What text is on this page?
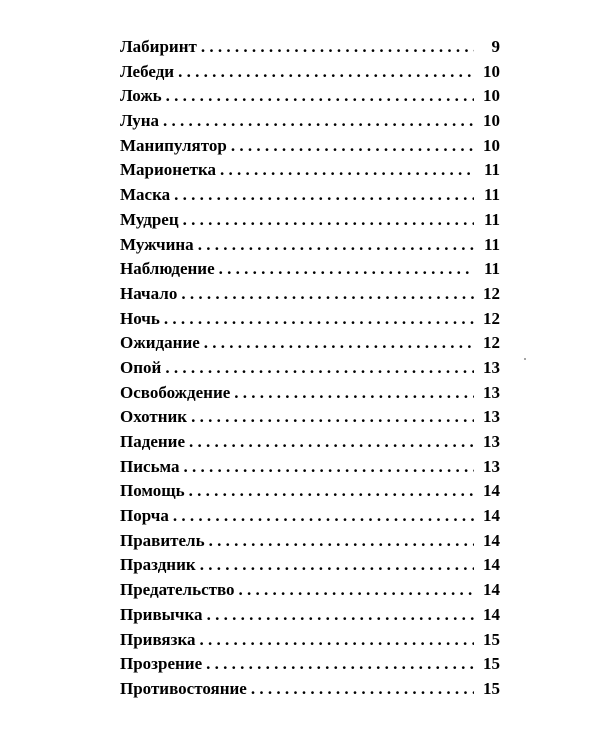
Лабиринт . . .	9
Лебеди . . .	10
Ложь . . .	10
Луна . . .	10
Манипулятор . . .	10
Марионетка . . .	11
Маска . . .	11
Мудрец . . .	11
Мужчина . . .	11
Наблюдение . . .	11
Начало . . .	12
Ночь . . .	12
Ожидание . . .	12
Опой . . .	13
Освобождение . . .	13
Охотник . . .	13
Падение . . .	13
Письма . . .	13
Помощь . . .	14
Порча . . .	14
Правитель . . .	14
Праздник . . .	14
Предательство . . .	14
Привычка . . .	14
Привязка . . .	15
Прозрение . . .	15
Противостояние . . .	15
